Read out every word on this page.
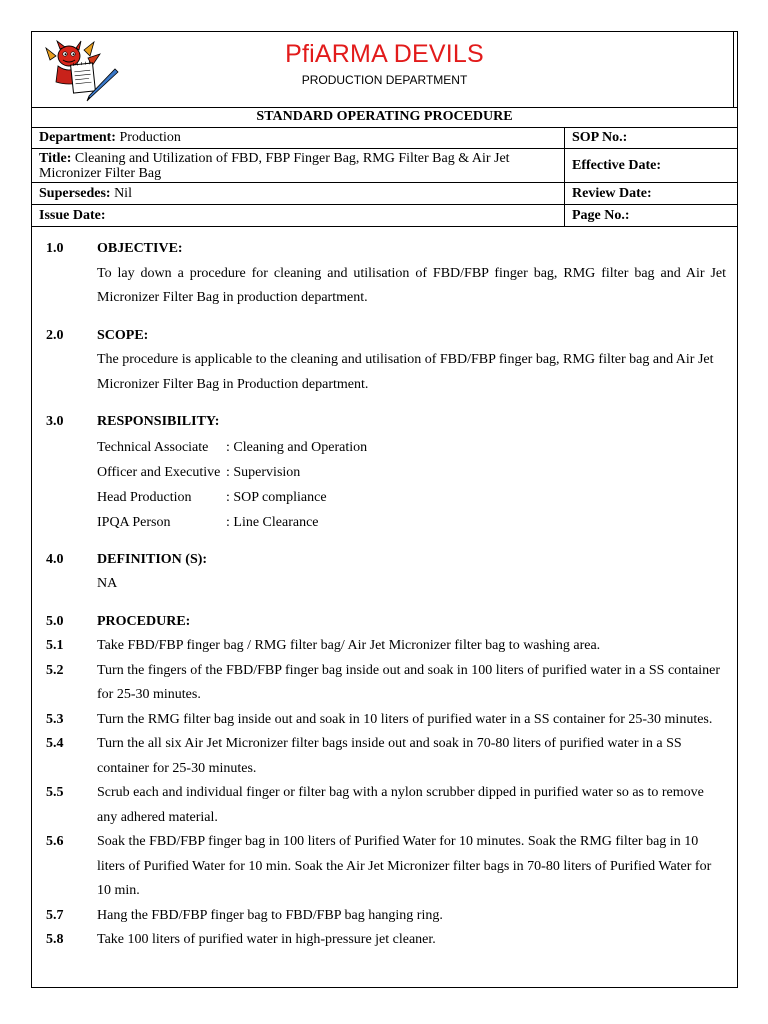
PfiARMA DEVILS
PRODUCTION DEPARTMENT
STANDARD OPERATING PROCEDURE
Department: Production	SOP No.:
Title: Cleaning and Utilization of FBD, FBP Finger Bag, RMG Filter Bag & Air Jet Micronizer Filter Bag	Effective Date:
Supersedes: Nil	Review Date:
Issue Date:	Page No.:
1.0	OBJECTIVE:
To lay down a procedure for cleaning and utilisation of FBD/FBP finger bag, RMG filter bag and Air Jet Micronizer Filter Bag in production department.
2.0	SCOPE:
The procedure is applicable to the cleaning and utilisation of FBD/FBP finger bag, RMG filter bag and Air Jet Micronizer Filter Bag in Production department.
3.0	RESPONSIBILITY:
Technical Associate	: Cleaning and Operation
Officer and Executive : Supervision
Head Production	: SOP compliance
IPQA Person	: Line Clearance
4.0	DEFINITION (S):
NA
5.0	PROCEDURE:
5.1	Take FBD/FBP finger bag / RMG filter bag/ Air Jet Micronizer filter bag to washing area.
5.2	Turn the fingers of the FBD/FBP finger bag inside out and soak in 100 liters of purified water in a SS container for 25-30 minutes.
5.3	Turn the RMG filter bag inside out and soak in 10 liters of purified water in a SS container for 25-30 minutes.
5.4	Turn the all six Air Jet Micronizer filter bags inside out and soak in 70-80 liters of purified water in a SS container for 25-30 minutes.
5.5	Scrub each and individual finger or filter bag with a nylon scrubber dipped in purified water so as to remove any adhered material.
5.6	Soak the FBD/FBP finger bag in 100 liters of Purified Water for 10 minutes. Soak the RMG filter bag in 10 liters of Purified Water for 10 min. Soak the Air Jet Micronizer filter bags in 70-80 liters of Purified Water for 10 min.
5.7	Hang the FBD/FBP finger bag to FBD/FBP bag hanging ring.
5.8	Take 100 liters of purified water in high-pressure jet cleaner.
